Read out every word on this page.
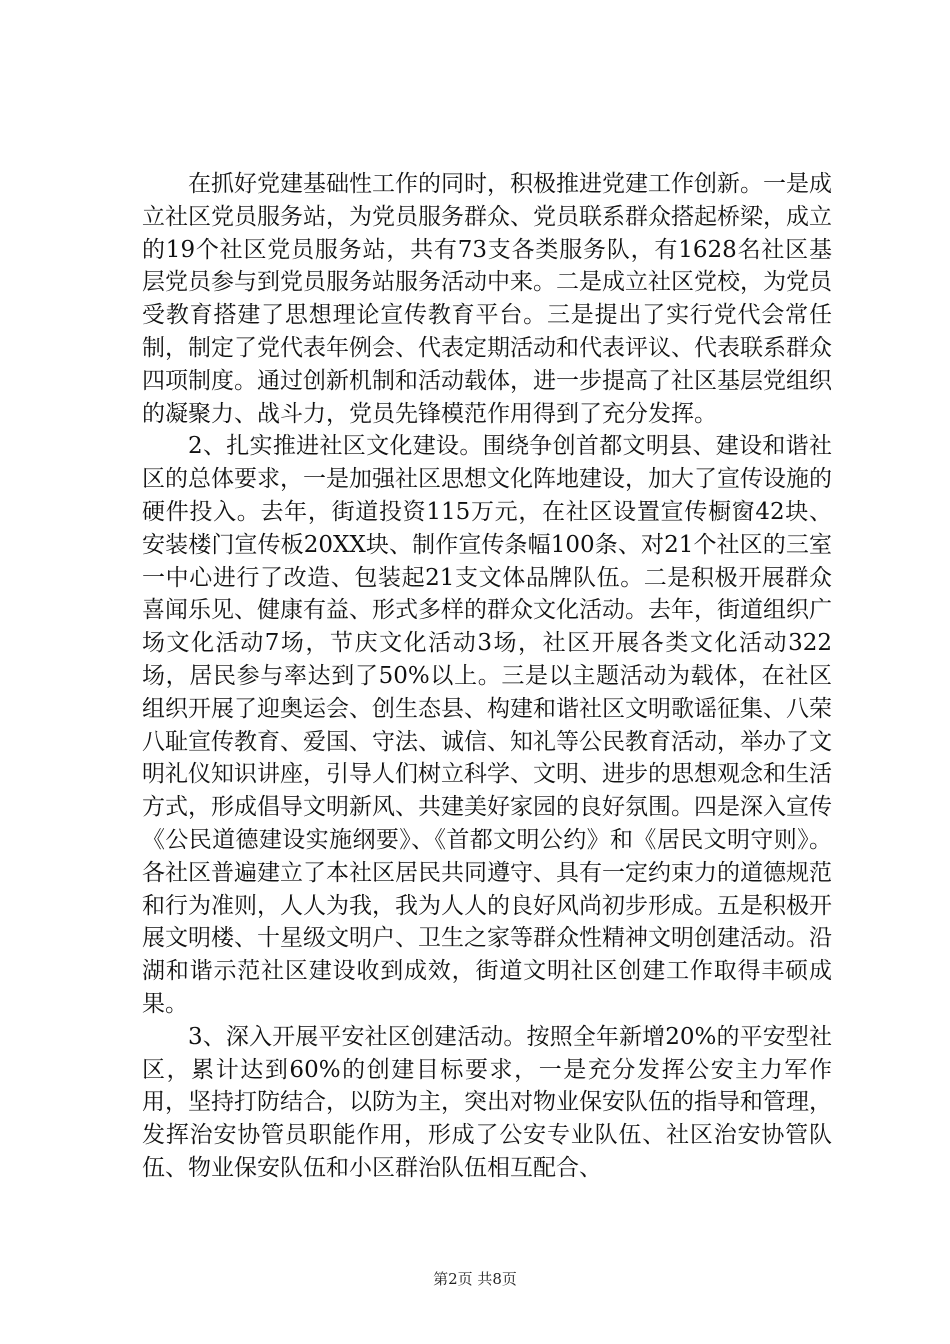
在抓好党建基础性工作的同时，积极推进党建工作创新。一是成立社区党员服务站，为党员服务群众、党员联系群众搭起桥梁，成立的19个社区党员服务站，共有73支各类服务队，有1628名社区基层党员参与到党员服务站服务活动中来。二是成立社区党校，为党员受教育搭建了思想理论宣传教育平台。三是提出了实行党代会常任制，制定了党代表年例会、代表定期活动和代表评议、代表联系群众四项制度。通过创新机制和活动载体，进一步提高了社区基层党组织的凝聚力、战斗力，党员先锋模范作用得到了充分发挥。

2、扎实推进社区文化建设。围绕争创首都文明县、建设和谐社区的总体要求，一是加强社区思想文化阵地建设，加大了宣传设施的硬件投入。去年，街道投资115万元，在社区设置宣传橱窗42块、安装楼门宣传板20XX块、制作宣传条幅100条、对21个社区的三室一中心进行了改造、包装起21支文体品牌队伍。二是积极开展群众喜闻乐见、健康有益、形式多样的群众文化活动。去年，街道组织广场文化活动7场，节庆文化活动3场，社区开展各类文化活动322场，居民参与率达到了50%以上。三是以主题活动为载体，在社区组织开展了迎奥运会、创生态县、构建和谐社区文明歌谣征集、八荣八耻宣传教育、爱国、守法、诚信、知礼等公民教育活动，举办了文明礼仪知识讲座，引导人们树立科学、文明、进步的思想观念和生活方式，形成倡导文明新风、共建美好家园的良好氛围。四是深入宣传《公民道德建设实施纲要》、《首都文明公约》和《居民文明守则》。各社区普遍建立了本社区居民共同遵守、具有一定约束力的道德规范和行为准则，人人为我，我为人人的良好风尚初步形成。五是积极开展文明楼、十星级文明户、卫生之家等群众性精神文明创建活动。沿湖和谐示范社区建设收到成效，街道文明社区创建工作取得丰硕成果。

3、深入开展平安社区创建活动。按照全年新增20%的平安型社区，累计达到60%的创建目标要求，一是充分发挥公安主力军作用，坚持打防结合，以防为主，突出对物业保安队伍的指导和管理，发挥治安协管员职能作用，形成了公安专业队伍、社区治安协管队伍、物业保安队伍和小区群治队伍相互配合、

第2页 共8页
